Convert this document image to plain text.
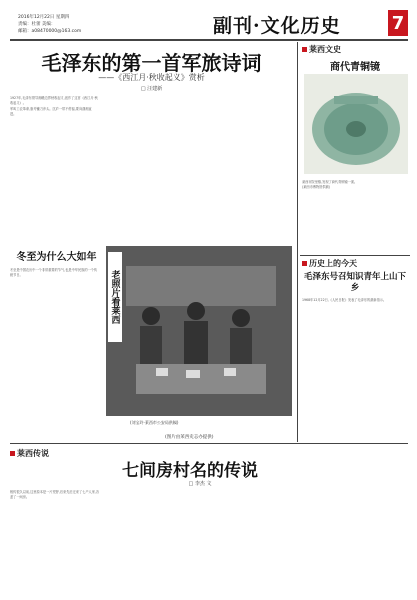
2016年12月22日 星期四
责编：杜蕾 美编：
邮箱：a08470000@163.com	副刊·文化历史	7
毛泽东的第一首军旅诗词
——《西江月·秋收起义》赏析
□ 汪建新

1927年,毛泽东领导湘赣边界秋收起义,创作了这首《西江月·秋收起义》。

军叫工农革命,旗号镰刀斧头。匡庐一带不停留,要向潇湘直进。

冬至为什么大如年

冬至是中国农历中一个非常重要的节气,也是中华民族的一个传统节日。	老照片看莱西
(刘宝玲·莱西市公安局供稿)
(图片由莱西史志办提供)
莱西文史
商代青铜镜

莱西市院里镇,发现了商代青铜镜一面。

(莱西市博物馆供稿)

历史上的今天
毛泽东号召知识青年上山下乡

1968年12月22日,《人民日报》发表了毛泽东的最新指示。

莱西传说
七间房村名的传说
□ 李杰 文

相传很久以前,这里原本是一片荒野,后来先后迁来了七户人家,各盖了一间房。
